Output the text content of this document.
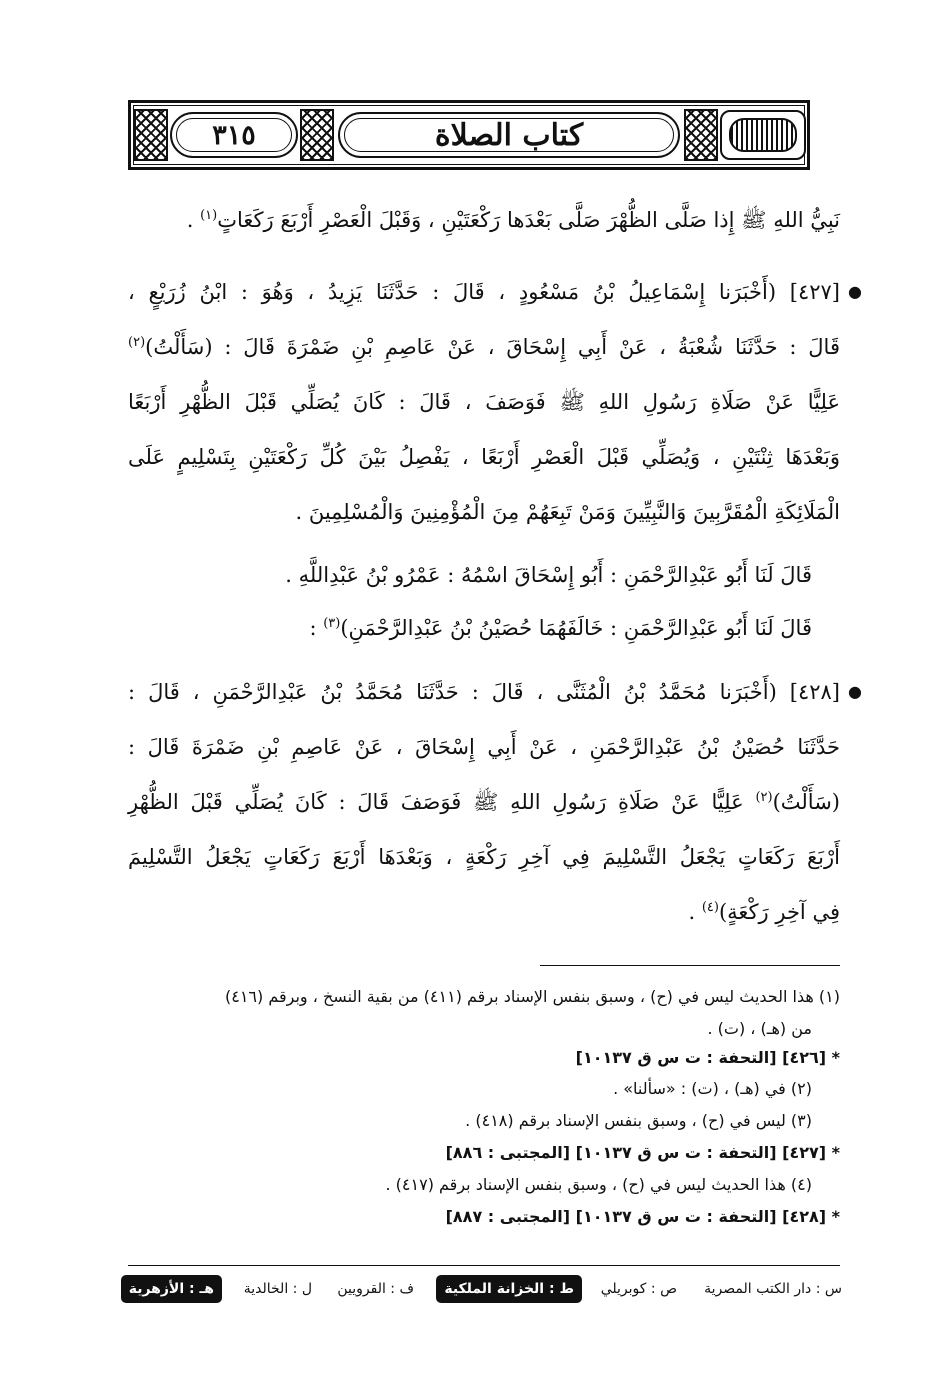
٣١٥	كتاب الصلاة
نَبِيُّ اللهِ ﷺ إِذا صَلَّى الظُّهْرَ صَلَّى بَعْدَها رَكْعَتَيْنِ ، وَقَبْلَ الْعَصْرِ أَرْبَعَ رَكَعَاتٍ$^{(١)}$ .
●
[٤٢٧] (أَخْبَرَنا إِسْمَاعِيلُ بْنُ مَسْعُودٍ ، قَالَ : حَدَّثَنَا يَزِيدُ ، وَهُوَ : ابْنُ زُرَيْعٍ ،
قَالَ : حَدَّثَنَا شُعْبَةُ ، عَنْ أَبِي إِسْحَاقَ ، عَنْ عَاصِمِ بْنِ ضَمْرَةَ قَالَ : (سَأَلْتُ)$^{(٢)}$
عَلِيًّا عَنْ صَلَاةِ رَسُولِ اللهِ ﷺ فَوَصَفَ ، قَالَ : كَانَ يُصَلِّي قَبْلَ الظُّهْرِ أَرْبَعًا
وَبَعْدَهَا ثِنْتَيْنِ ، وَيُصَلِّي قَبْلَ الْعَصْرِ أَرْبَعًا ، يَفْصِلُ بَيْنَ كُلِّ رَكْعَتَيْنِ بِتَسْلِيمٍ عَلَى
الْمَلَائِكَةِ الْمُقَرَّبِينَ وَالنَّبِيِّينَ وَمَنْ تَبِعَهُمْ مِنَ الْمُؤْمِنِينَ وَالْمُسْلِمِينَ .
قَالَ لَنَا أَبُو عَبْدِالرَّحْمَنِ : أَبُو إِسْحَاقَ اسْمُهُ : عَمْرُو بْنُ عَبْدِاللَّهِ .
قَالَ لَنَا أَبُو عَبْدِالرَّحْمَنِ : خَالَفَهُمَا حُصَيْنُ بْنُ عَبْدِالرَّحْمَنِ)$^{(٣)}$ :
●
[٤٢٨] (أَخْبَرَنا مُحَمَّدُ بْنُ الْمُثَنَّى ، قَالَ : حَدَّثَنَا مُحَمَّدُ بْنُ عَبْدِالرَّحْمَنِ ، قَالَ :
حَدَّثَنَا حُصَيْنُ بْنُ عَبْدِالرَّحْمَنِ ، عَنْ أَبِي إِسْحَاقَ ، عَنْ عَاصِمِ بْنِ ضَمْرَةَ قَالَ :
(سَأَلْتُ)$^{(٢)}$ عَلِيًّا عَنْ صَلَاةِ رَسُولِ اللهِ ﷺ فَوَصَفَ قَالَ : كَانَ يُصَلِّي قَبْلَ الظُّهْرِ
أَرْبَعَ رَكَعَاتٍ يَجْعَلُ التَّسْلِيمَ فِي آخِرِ رَكْعَةٍ ، وَبَعْدَهَا أَرْبَعَ رَكَعَاتٍ يَجْعَلُ التَّسْلِيمَ
فِي آخِرِ رَكْعَةٍ)$^{(٤)}$ .
(١) هذا الحديث ليس في (ح) ، وسبق بنفس الإسناد برقم (٤١١) من بقية النسخ ، وبرقم (٤١٦)
من (هـ) ، (ت) .
* [٤٢٦] [التحفة : ت س ق ١٠١٣٧]
(٢) في (هـ) ، (ت) : «سألنا» .
(٣) ليس في (ح) ، وسبق بنفس الإسناد برقم (٤١٨) .
* [٤٢٧] [التحفة : ت س ق ١٠١٣٧] [المجتبى : ٨٨٦]
(٤) هذا الحديث ليس في (ح) ، وسبق بنفس الإسناد برقم (٤١٧) .
* [٤٢٨] [التحفة : ت س ق ١٠١٣٧] [المجتبى : ٨٨٧]
س : دار الكتب المصرية
ص : كوبريلي
ط : الخزانة الملكية
ف : القرويين
ل : الخالدية
هـ : الأزهرية
